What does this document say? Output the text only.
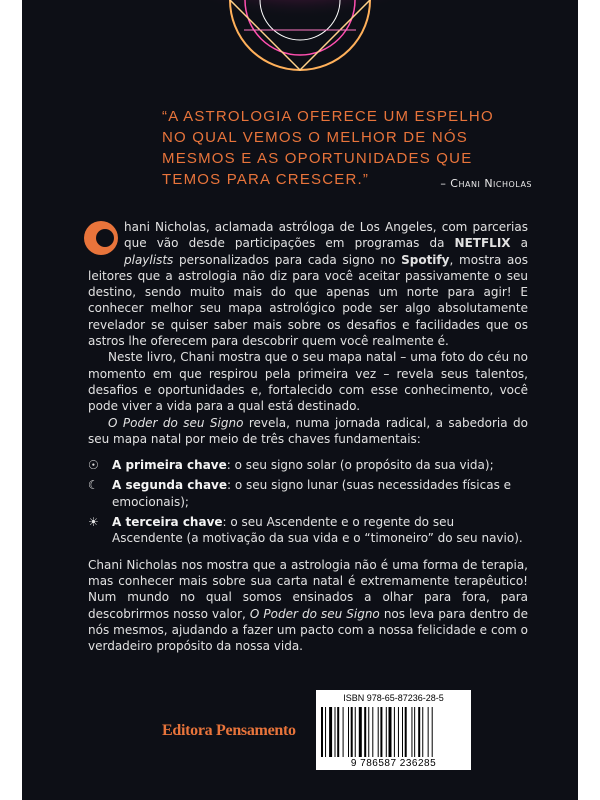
“A ASTROLOGIA OFERECE UM ESPELHO NO QUAL VEMOS O MELHOR DE NÓS MESMOS E AS OPORTUNIDADES QUE TEMOS PARA CRESCER.”	– Chani Nicholas

hani Nicholas, aclamada astróloga de Los Angeles, com parcerias que vão desde participações em programas da NETFLIX a playlists personalizados para cada signo no Spotify, mostra aos leitores que a astrologia não diz para você aceitar passivamente o seu destino, sendo muito mais do que apenas um norte para agir! E conhecer melhor seu mapa astrológico pode ser algo absolutamente revelador se quiser saber mais sobre os desafios e facilidades que os astros lhe oferecem para descobrir quem você realmente é.

Neste livro, Chani mostra que o seu mapa natal – uma foto do céu no momento em que respirou pela primeira vez – revela seus talentos, desafios e oportunidades e, fortalecido com esse conhecimento, você pode viver a vida para a qual está destinado.

O Poder do seu Signo revela, numa jornada radical, a sabedoria do seu mapa natal por meio de três chaves fundamentais:

☉	A primeira chave: o seu signo solar (o propósito da sua vida);
☾	A segunda chave: o seu signo lunar (suas necessidades físicas e emocionais);
☀	A terceira chave: o seu Ascendente e o regente do seu Ascendente (a motivação da sua vida e o “timoneiro” do seu navio).

Chani Nicholas nos mostra que a astrologia não é uma forma de terapia, mas conhecer mais sobre sua carta natal é extremamente terapêutico! Num mundo no qual somos ensinados a olhar para fora, para descobrirmos nosso valor, O Poder do seu Signo nos leva para dentro de nós mesmos, ajudando a fazer um pacto com a nossa felicidade e com o verdadeiro propósito da nossa vida.

Editora Pensamento
ISBN 978-65-87236-28-5
9 786587 236285
